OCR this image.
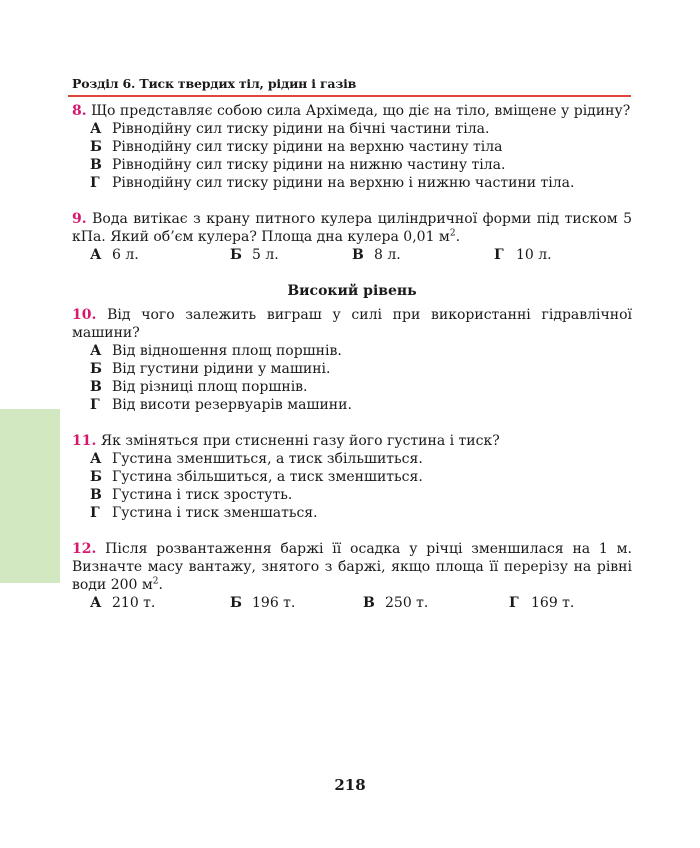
Розділ 6. Тиск твердих тіл, рідин і газів

8. Що представляє собою сила Архімеда, що діє на тіло, вміщене у рідину?

А Рівнодійну сил тиску рідини на бічні частини тіла.

Б Рівнодійну сил тиску рідини на верхню частину тіла

В Рівнодійну сил тиску рідини на нижню частину тіла.

Г Рівнодійну сил тиску рідини на верхню і нижню частини тіла.

9. Вода витікає з крану питного кулера циліндричної форми під тиском 5 кПа. Який об’єм кулера? Площа дна кулера 0,01 $м^2$.

А 6 л.	Б 5 л.	В 8 л.	Г 10 л.

Високий рівень

10. Від чого залежить виграш у силі при використанні гідравлічної машини?

А Від відношення площ поршнів.

Б Від густини рідини у машині.

В Від різниці площ поршнів.

Г Від висоти резервуарів машини.

11. Як зміняться при стисненні газу його густина і тиск?

А Густина зменшиться, а тиск збільшиться.

Б Густина збільшиться, а тиск зменшиться.

В Густина і тиск зростуть.

Г Густина і тиск зменшаться.

12. Після розвантаження баржі її осадка у річці зменшилася на 1 м. Визначте масу вантажу, знятого з баржі, якщо площа її перерізу на рівні води 200 $м^2$.

А 210 т.	Б 196 т.	В 250 т.	Г 169 т.
218
